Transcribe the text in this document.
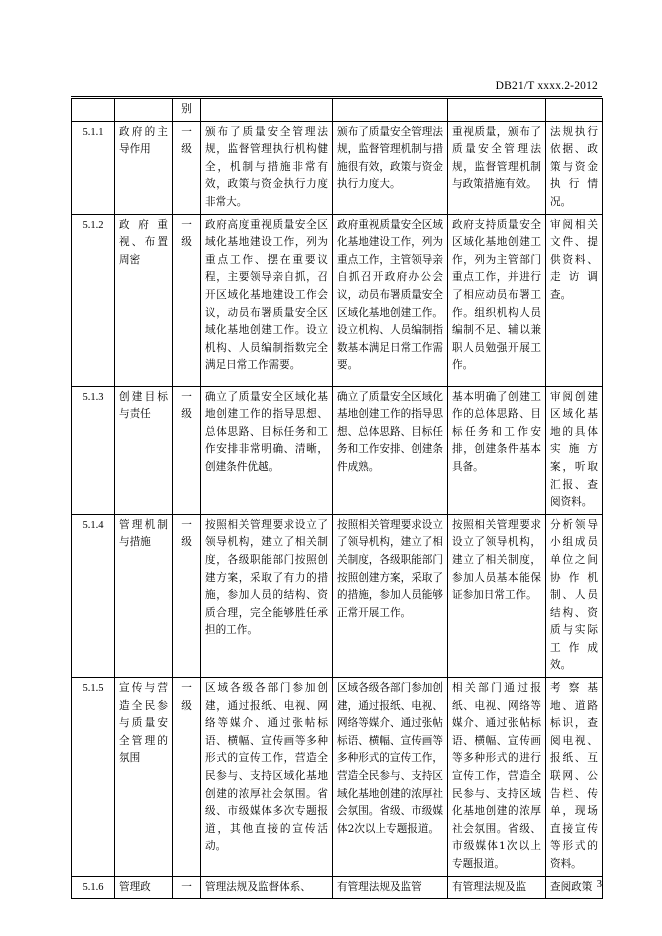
DB21/T xxxx.2-2012
		别				
5.1.1	政府的主导作用	一级	颁布了质量安全管理法规，监督管理执行机构健全，机制与措施非常有效，政策与资金执行力度非常大。	颁布了质量安全管理法规，监督管理机制与措施很有效，政策与资金执行力度大。	重视质量，颁布了质量安全管理法规，监督管理机制与政策措施有效。	法规执行依据、政策与资金执行情况。
5.1.2	政府重视、布置周密	一级	政府高度重视质量安全区域化基地建设工作，列为重点工作、摆在重要议程，主要领导亲自抓，召开区域化基地建设工作会议，动员布署质量安全区域化基地创建工作。设立机构、人员编制指数完全满足日常工作需要。	政府重视质量安全区域化基地建设工作，列为重点工作，主管领导亲自抓召开政府办公会议，动员布署质量安全区域化基地创建工作。设立机构、人员编制指数基本满足日常工作需要。	政府支持质量安全区域化基地创建工作，列为主管部门重点工作，并进行了相应动员布署工作。组织机构人员编制不足、辅以兼职人员勉强开展工作。	审阅相关文件、提供资料、走访调查。
5.1.3	创建目标与责任	一级	确立了质量安全区域化基地创建工作的指导思想、总体思路、目标任务和工作安排非常明确、清晰，创建条件优越。	确立了质量安全区域化基地创建工作的指导思想、总体思路、目标任务和工作安排、创建条件成熟。	基本明确了创建工作的总体思路、目标任务和工作安排，创建条件基本具备。	审阅创建区域化基地的具体实施方案，听取汇报、查阅资料。
5.1.4	管理机制与措施	一级	按照相关管理要求设立了领导机构，建立了相关制度，各级职能部门按照创建方案，采取了有力的措施，参加人员的结构、资质合理，完全能够胜任承担的工作。	按照相关管理要求设立了领导机构，建立了相关制度，各级职能部门按照创建方案，采取了的措施，参加人员能够正常开展工作。	按照相关管理要求设立了领导机构，建立了相关制度，参加人员基本能保证参加日常工作。	分析领导小组成员单位之间协作机制、人员结构、资质与实际工作成效。
5.1.5	宣传与营造全民参与质量安全管理的氛围	一级	区域各级各部门参加创建，通过报纸、电视、网络等媒介、通过张帖标语、横幅、宣传画等多种形式的宣传工作，营造全民参与、支持区域化基地创建的浓厚社会氛围。省级、市级媒体多次专题报道，其他直接的宣传活动。	区域各级各部门参加创建，通过报纸、电视、网络等媒介、通过张帖标语、横幅、宣传画等多种形式的宣传工作，营造全民参与、支持区域化基地创建的浓厚社会氛围。省级、市级媒体2次以上专题报道。	相关部门通过报纸、电视、网络等媒介、通过张帖标语、横幅、宣传画等多种形式的进行宣传工作，营造全民参与、支持区域化基地创建的浓厚社会氛围。省级、市级媒体1次以上专题报道。	考察基地、道路标识，查阅电视、报纸、互联网、公告栏、传单，现场直接宣传等形式的资料。
5.1.6	管理政	一	管理法规及监督体系、	有管理法规及监管	有管理法规及监	查阅政策 3
